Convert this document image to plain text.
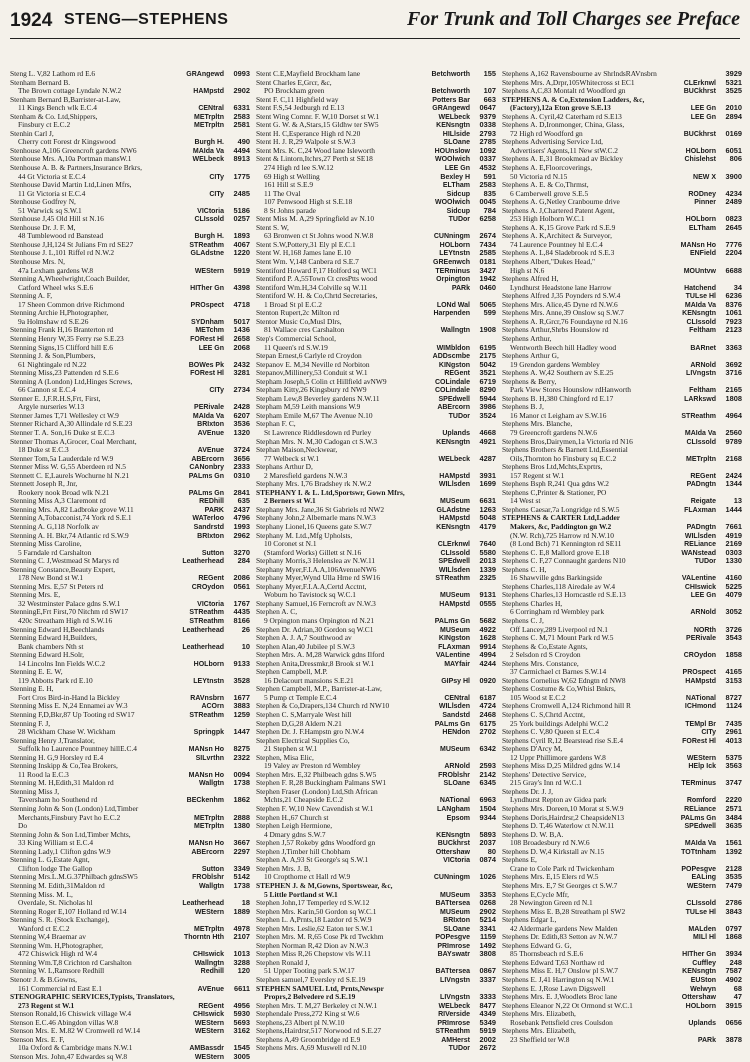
1924 STENG—STEPHENS	For Trunk and Toll Charges see Preface
Steng L. V,82 Lathom rd E.6	GRAngewd	0993
Stenham Bernard B.
The Brown cottage Lyndale N.W.2	HAMpstd	2902
Stenham Bernard B,Barrister-at-Law,
11 Kings Bench wlk E.C.4	CENtral	6331
Stenham & Co. Ltd,Shippers,	METrpltn	2583
Finsbury ct E.C.2	METrpltn	2581
Stenhin Carl J,
Cherry cott Forest dr Kingswood	Burgh H.	490
Stenhouse A,106 Greencroft gardens NW6	MAIda Va	4494
Stenhouse Mrs. A,10a Portman mansW.1	WELbeck	8913
Stenhouse A. B. & Partners,Insurance Brkrs,
44 Gt Victoria st E.C.4	CITy	1775
Stenhouse David Martin Ltd,Linen Mfrs,
11 Gt Victoria st E.C.4	CITy	2485
Stenhouse Godfrey N,
51 Warwick sq S.W.1	VICtoria	5186
Stenhouse J,45 Old Hill st N.16	CLIssold	0257
Stenhouse Dr. J. F. M,
48 Tumblewood rd Banstead	Burgh H.	1893
Stenhouse J,H,124 St Julians Fm rd SE27	STReathm	4067
Stenhouse J. L,101 Riffel rd N.W.2	GLAdstne	1220
Stenhouse Mrs. N,
47a Lexham gardens W.8	WEStern	5919
Stenning A,Wheelwright,Coach Builder,
Catford Wheel wks S.E.6	HITher Gn	4398
Stenning A. F,
17 Sheen Common drive Richmond	PROspect	4718
Stenning Archie H,Photographer,
9a Holmshaw rd S.E.26	SYDnham	5017
Stenning Frank H,16 Branterton rd	METchm	1436
Stenning Henry W,35 Ferry rse S.E.23	FORest Hl	2658
Stenning Signs,15 Clifford hill E.6	LEE Gn	2068
Stenning J. & Son,Plumbers,
61 Nightingale rd N.22	BOWes Pk	2432
Stenning Miss,23 Pattenden rd S.E.6	FORest Hl	3281
Stenning A (London) Ltd,Hinges Screws,
66 Cannon st E.C.4	CITy	2734
Stenner E. J,F.R.H.S,Frt, First,
Argyle nurseries W.13	PERivale	2428
Stenner James T,71 Wellesley ct W.9	MAIda Va	6207
Stenner Richard A,30 Allindale rd S.E.23	BRIxton	3536
Stenner T. A. Son,16 Duke st E.C.3	AVEnue	1320
Stenner Thomas A,Grocer, Coal Merchant,
18 Duke st E.C.3	AVEnue	3724
Stenner Tom,5a Lauderdale rd W.9	ABErcorn	3656
Stenner Miss W. G,55 Aberdeen rd N.5	CANonbry	2333
Stennett C. E,Laurels Wochurne hl N.21	PALms Gn	0310
Stennett Joseph R, Jnr,
Rookery nook Broad wlk N.21	PALms Gn	2841
Stenning Miss A,3 Claremont rd	REDhill	635
Stenning Mrs. A,82 Ladbroke grove W.11	PARK	2437
Stenning A,Tobacconist,74 York rd S.E.1	WATerloo	4796
Stenning A. G,118 Norfolk av	Sandrstd	1993
Stenning A. H. Bkr,74 Atlantic rd S.W.9	BRIxton	2962
Stenning Miss Caroline,
5 Farndale rd Carshalton	Sutton	3270
Stenning C. J,Westmead St Marys rd	Leatherhead	284
Stenning Constance,Beauty Expert,
178 New Bond st W.1	REGent	2086
Stenning Mrs. E,57 St Peters rd	CROydon	0561
Stenning Mrs. E,
32 Westminster Palace gdns S.W.1	VICtoria	1767
StenningE,Frt First,70 Nitchm rd SW17	STReathm	4435
420c Streatham High rd S.W.16	STReathm	8166
Stenning Edward H,Beechlands	Leatherhead	26
Stenning Edward H,Builders,
Bank chambers Nth st	Leatherhead	10
Stenning Edward H.Solr,
14 Lincolns Inn Fields W.C.2	HOLborn	9133
Stenning E. E. W,
119 Abbotts Park rd E.10	LEYtnstn	3528
Stenning E. H,
Fort Cros Bird-in-Hand la Bickley	RAVnsbrn	1677
Stenning Miss E. N,24 Ennamei av W.3	ACOrn	3883
Stenning F,D,Bkr,87 Up Tooting rd SW17	STReathm	1259
Stenning F. J,
28 Wickham Chase W. Wickham	Springpk	1447
Stenning Henry J,Translator,
Suffolk ho Laurence Pountney hillE.C.4	MANsn Ho	8275
Stenning H. G,9 Horsley rd E.4	SILvrthn	2322
Stenning Inskipp & Co,Tea Brokers,
11 Rood la E.C.3	MANsn Ho	0094
Stenning M. H,Edith,31 Maldon rd	Wallgtn	1738
Stenning Miss J,
Taversham ho Southend rd	BECkenhm	1862
Stenning John & Son (London) Ltd,Timber
Merchants,Finsbury Pavt ho E.C.2	METrpltn	2888
Do	METrpltn	1380
Stenning John & Son Ltd,Timber Mchts,
33 King William st E.C.4	MANsn Ho	3667
Stenning Lady,1 Clifton gdns W.9	ABErcorn	2297
Stenning L. G,Estate Agnt,
Clifton lodge The Gallop	Sutton	3349
Stenning Mrs.L.M.G.37Philbach gdnsSW5	FROblshr	5142
Stenning M. Edith,31Maldon rd	Wallgtn	1738
Stenning Miss. M. L,
Overdale, St. Nicholas hl	Leatherhead	18
Stenning Roger E,107 Holland rd W.14	WEStern	1889
Stenning S. R. (Stock Exchange),
Wanford ct E.C.2	METrpltn	4978
Stenning W,4 Braemar av	Thorntn Hth	2107
Stenning Wm. H,Photographer,
472 Chiswick High rd W.4	CHIswick	1013
Stenning Wm.T,8 Crichton rd Carshalton	Wallngtn	3288
Stenning W. L,Ramsore Redhill	Redhill	120
Stenotr J. & B.Gowns,
161 Commercial rd East E.1	AVEnue	6611
STENOGRAPHIC SERVICES,Typists, Translators,
273 Regent st W.1	REGent	4956
Stenson Ronald,16 Chiswick village W.4	CHIswick	5930
Stenson E.C.46 Abingdon villas W.8	WEStern	5693
Stenson Mrs. E. M.82 W Cromwell rd W.14	WEStern	3162
Stenson Mrs. E. F,
10a Oxford & Cambridge mans N.W.1	AMBassdr	1545
Stenson Mrs. John,47 Edwardes sq W.8	WEStern	3005
Stent C.E,Mayfield Brockham lane	Betchworth	155
Stent Charles E,Grcr, &c,
PO Brockham green	Betchworth	107
Stent F. C,11 Highfield way	Potters Bar	663
Stent F.S,54 Jedburgh rd E.13	GRAngewd	0647
Stent Wing Comnr. F. W,10 Dorset st W.1	WELbeck	9379
Stent G. W. & A,Stars,15 Gldhw ter SW5	KENsngtn	0338
Stent H. C,Esperance High rd N.20	HILlside	2793
Stent H. J. R,29 Walpole st S.W.3	SLOane	2785
Stent Mrs. K. C,24 Wood lane Isleworth	HOUnslow	1092
Stent & Lintorn,Itchrs,27 Perth st SE18	WOOlwich	0337
274 High rd lee S.W.12	LEE Gn	4532
69 High st Welling	Bexley H	591
161 Hill st S.E.9	ELTham	2583
11 The Oval	Sidcup	835
107 Penwsood High st S.E.18	WOOlwich	0045
8 St Johns parade	Sidcup	784
Stent Miss M. A,29 Springfield av N.10	TUDor	6258
Stent S. W,
63 Bronwen ct St Johns wood N.W.8	CUNningm	2674
Stent S.W,Pottery,31 Ely pl E.C.1	HOLborn	7434
Stent W. H,168 James lane E.10	LEYtnstn	2585
Stent Wm. V,148 Canbera rd S.E.7	GREenwch	0181
Stentiford Howard F,17 Holford sq WC1	TERminus	3427
Stentiford P. A,55Town Ct cresPtts wood	Orpington	1942
Stentiford Wm.H,34 Colville sq W.11	PARk	0460
Stentiford W. H. & Co,Chrtd Secretaries,
1 Broad St pl E.C.2	LONd Wal	5065
Stenton Rupert,2c Milton rd	Harpenden	599
Stentor Music Co,Musl Dlrs,
81 Wallace cres Carshalton	Wallngtn	1908
Step's Commercial School,
11 Queen's rd S.W.19	WIMbldon	6195
Stepan Ernest,6 Carlyle rd Croydon	ADDscmbe	2175
Stepanov E. M,34 Neville rd Norbiton	KINgston	5042
Stepanov,Millinery,53 Conduit st W.1	REGent	3521
Stepham Joseph,5 Colin ct Hillfield avNW9	COLindale	6719
Stepham Kitty,26 Kingsbury rd NW9	COLindale	8290
Stepham Lew,8 Beverley gardens N.W.11	SPEdwell	5944
Stepham M,59 Leith mansions W.9	ABErcorn	3986
Stepham Emile M,67 The Avenue N.10	TUDor	3524
Stephan F. C,
St Lawrence Riddlesdown rd Purley	Uplands	4668
Stephan Mrs. N. M,30 Cadogan ct S.W.3	KENsngtn	4921
Stephan Maison,Neckwear,
77 Welbeck st W.1	WELbeck	4287
Stephans Arthur D,
2 Maresfield gardens N.W.3	HAMpstd	3931
Stephany Mrs. I,76 Bradshey rk N.W.2	WILlsden	1699
STEPHANY I. & L. Ltd,Sportswr, Gown Mfrs,
2 Berners st W.1	MUSeum	6631
Stephany Mrs. Jane,36 St Gabriels rd NW2	GLAdstne	1263
Stephany John,2 Albemarle mans N.W.3	HAMpstd	5048
Stephany Lionel,16 Queens gate S.W.7	KENsngtn	4179
Stephany M. Ltd.,Mfg Upholsts,
10 Coronet st N.1	CLErknwl	7640
(Stamford Works) Gillett st N.16	CLIssold	5580
Stephany Morris,3 Helenslea av N.W.11	SPEdwell	2013
Stephany Myer,F.I.A.A,106AvenueNW6	WILlsden	1339
Stephany Myer,Wynd Ulla Hrne rd SW16	STReathm	2325
Stephany Myer,F.I.A.A,Certd Acctnt,
Woburn ho Tavistock sq W.C.1	MUSeum	9131
Stephany Samuel,16 Ferncroft av N.W.3	HAMpstd	0555
Stephen A. C,
9 Orpington mans Orpington rd N.21	PALms Gn	5682
Stephen Dr. Adrian,30 Gordon sq W.C1	MUSeum	4922
Stephen A. J. A,7 Southwood av	KINgston	1628
Stephen Alan,40 Jubilee pl S.W.3	FLAxman	9914
Stephen Mrs. A. M,28 Warwick gdns Ilford	VALentine	4994
Stephen Anita,Dressmkr,8 Brook st W.1	MAYfair	4244
Stephen Campbell, M.P.
16 Delacourt mansions S.E.21	GIPsy Hl	0920
Stephen Campbell, M.P., Barrister-at-Law,
5 Pump ct Temple E.C.4	CENtral	6187
Stephen & Co,Drapers,134 Church rd NW10	WILlsden	4724
Stephen C. S,Marryale West hill	Sandstd	2468
Stephen D,G,28 Aldern N.21	PALms Gn	6175
Stephen Dr. J. F.Hampstn gro N.W.4	HENdon	2702
Stephen Electrical Supplies Co,
21 Stephen st W.1	MUSeum	6342
Stephen, Misa Elic,
19 Valey av Preston rd Wembley	ARNold	2593
Stephen Mrs. E,32 Philbeach gdns S.W5	FROblshr	2142
Stephen F. R,28 Buckingham Palmans SW1	SLOane	6345
Stephen Fraser (London) Ltd,Sth African
Mchts,21 Cheapside E.C.2	NATional	6963
Stephen F. W,10 New Cavendish st W.1	LANgham	1504
Stephen H.,67 Church st	Epsom	9344
Stephen Leigh Hermione,
4 Dmary gdns S.W.7	KENsngtn	5893
Stephen J,57 Rokeby gdns Woodford gn	BUCkhrst	2037
Stephen J,Timber hill Chobham	Ottershaw	80
Stephen A. A,93 St George's sq S.W.1	VICtoria	0874
Stephen Mrs. J. B,
10 Cropthorne ct Hall rd W.9	CUNningm	1026
STEPHEN J. & M,Gowns, Sportswear, &c,
5 Little Portland st W.1	MUSeum	3353
Stephen John,17 Temperley rd S.W.12	BATtersea	0268
Stephen Mrs. Karin,50 Gordon sq W.C.1	MUSeum	2902
Stephen L. A,Prnts,18 Lazdor rd S.W.9	BRIxton	5214
Stephen Mrs. Leslie,62 Eaton ter S.W.1	SLOane	3341
Stephen Mrs. M. R,65 Cose Pk rd Twckhm	POPesgve	1159
Stephen Norman R,42 Dion av N.W.3	PRImrose	1492
Stephen Miss R,26 Chepstow vls W.11	BAYswatr	3808
Stephen Ronald J,
51 Upper Tooting park S.W.17	BATtersea	0867
Stephen samuel,7 Eversley rd S.E.19	LIVngstn	3337
STEPHEN SAMUEL Ltd, Prnts,Newspr
Proprs,2 Belvedere rd S.E.19	LIVngstn	3333
Stephen Mrs. T. M,27 Berkeley ct N.W.1	WELbeck	8477
Stephendale Press,272 King st W.6	RIVerside	4349
Stephens,23 Albert pl N.W.10	PRImrose	5349
Stephens,Hairdrsr,517 Norwood rd S.E.27	STReathm	5919
Stephens A,49 Groombridge rd E.9	AMHerst	2002
Stephens Mrs. A,69 Muswell rd N.10	TUDor	2672
Stephens A,162 Ravensbourne av ShrlndsRAVnsbrn	3929
Stephens Mrs. A,Drpr,105Whitecross st EC1	CLErknwl	5321
Stephens A,C,83 Montalt rd Woodford gn	BUCkhrst	3525
STEPHENS A. & Co,Extension Ladders, &c,
(Factory),12a Eton grove S.E.13	LEE Gn	2010
Stephens A. Cyril,42 Caterham rd S.E13	LEE Gn	2894
Stephens A. D,Ironmonger, China, Glass,
72 High rd Woodford gn	BUCkhrst	0169
Stephens Advertising Service Ltd,
Advertisers' Agents,11 New stW.C.2	HOLborn	6051
Stephens A. E,31 Brookmead av Bickley	Chislehst	806
Stephens A. E,Floorcoverings,
50 Victoria rd N.15	NEW X	3900
Stephens A. E. & Co,Thrmst,
6 Camberwell grove S.E.5	RODney	4234
Stephens A. G,Netley Cranbourne drive	Pinner	2489
Stephens A. J,Chartered Patent Agent,
253 High Holborn W.C.1	HOLborn	0823
Stephens A. K,15 Grove Park rd S.E.9	ELTham	2645
Stephens A. K,Architect & Surveyor,
74 Laurence Pountney hl E.C.4	MANsn Ho	7776
Stephens A. L,84 Sladebrook rd S.E.3	ENField	2204
Stephens Albert,"Dukes Head,"
High st N.6	MOUntvw	6688
Stephens Alfred H,
Lyndhurst Headstone lane Harrow	Hatchend	34
Stephens Alfred J,35 Poynders rd S.W.4	TULse Hl	6236
Stephens Mrs. Alice,45 Dyne rd N.W.6	MAIda Va	8376
Stephens Mrs. Anne,39 Onslow sq S.W.7	KENsngtn	1061
Stephens A. R,Grcr,76 Foundayne rd N.16	CLIssold	7923
Stephens Arthur,Shrbs Hounslow rd	Feltham	2123
Stephens Arthur,
Wentworth Beech hill Hadley wood	BARnet	3363
Stephens Arthur G,
19 Grendon gardens Wembley	ARNold	3692
Stephens A. W,42 Southern av S.E.25	LIVngstn	3716
Stephens & Berry,
Park View Stores Hounslow rdHanworth	Feltham	2165
Stephens B. H,380 Chingford rd E.17	LARkswd	1808
Stephens B. J,
16 Manor ct Leigham av S.W.16	STReathm	4964
Stephens Mrs. Blanche,
79 Greencroft gardens N.W.6	MAIda Va	2560
Stephens Bros,Dairymen,1a Victoria rd N16	CLIssold	9789
Stephens Brothers & Barnett Ltd,Essential
Oils,Thornton ho Finsbury sq E.C.2	METrpltn	2168
Stephens Bros Ltd,Mchts,Exprtrs,
157 Regent st W.1	REGent	2424
Stephens Bsph R,241 Qua gdns W.2	PADngtn	1344
Stephens C,Printer & Stationer, PO
14 West st	Reigate	13
Stephens Caesar,7a Longridge rd S.W.5	FLAxman	1444
STEPHENS & CARTER Ltd,Ladder
Makers, &c, Paddington gn W.2	PADngtn	7661
(N.W. Rch),725 Harrow rd N.W.10	WILlsden	4919
(8 Lond Bch) 71 Kennington rd SE11	RELiance	2169
Stephens C. E,8 Mallord grove E.18	WANstead	0303
Stephens C. F,27 Connaught gardens N10	TUDor	1330
Stephens C. H,
16 Shawville gdns Barkingside	VALentine	4160
Stephens Charles,118 Airedale av W.4	CHIswick	5225
Stephens Charles,13 Horncastle rd S.E.13	LEE Gn	4079
Stephens Charles H,
6 Corringham rd Wembley park	ARNold	3052
Stephens C. J,
Off Lancey,289 Liverpool rd N.1	NORth	3726
Stephens C. M,71 Mount Park rd W.5	PERivale	3543
Stephens & Co,Estate Agnts,
2 Selsdon rd S Croydon	CROydon	1858
Stephens Mrs. Constance,
37 Carmichael ct Barnes S.W.14	PROspect	4165
Stephens Cornelius W,62 Edngtn rd NW8	HAMpstd	3153
Stephens Costume & Co,Whisl Bnkrs,
105 Wood st E.C.2	NATional	8727
Stephens Cromwell A,124 Richmond hill R	ICHmond	1124
Stephens C. S,Chrtd Acctnt,
25 York buildings Adelphi W.C.2	TEMpl Br	7435
Stephens C. V,80 Queen st E.C.4	CITy	2961
Stephens Cyril R,12 Bearstead rise S.E.4	FORest Hl	4013
Stephens D'Arcy M,
12 Uppr Phillimore gardens W.8	WEStern	5375
Stephens Miss D,25 Mildred gdns W.14	HElp Ick	3563
Stephens' Detective Service,
215 Gray's Inn rd W.C.1	TERminus	3747
Stephens Dr. J. J,
Lyndhurst Repton av Gidea park	Romford	2220
Stephens Mrs. Doreen,10 Morat st S.W.9	RELiance	2571
Stephens Doris,Hairdrsr,2 CheapsideN13	PALms Gn	3484
Stephens D. T,46 Waterlow ct N.W.11	SPEdwell	3635
Stephens D. W. B,A.
108 Broadesbury rd N.W.6	MAIda Va	1561
Stephens D. W,4 Kirkstall av N.15	TOTtnham	1392
Stephens E,
Crane to Cole Park rd Twickenham	POPesgve	2128
Stephens Mrs. E,15 Elers rd W.5	EALing	3535
Stephens Mrs. E,7 St Georges ct S.W.7	WEStern	7479
Stephens E,Cycle Mfr,
28 Newington Green rd N.1	CLIssold	2786
Stephens Miss E. B,28 Streatham pl SW2	TULse Hl	3843
Stephens Edgar L,
42 Aldermarle gardens New Malden	MALden	0797
Stephens Dr. Edith,83 Setton av N.W.7	MILl Hl	1868
Stephens Edward G. G,
85 Thornsbeach rd S.E.6	HITher Gn	3934
Stephens Edward T,63 Northaw rd	Cuffley	248
Stephens Miss E. H,7 Onslow pl S.W.7	KENsngtn	7587
Stephens E. J,41 Harrington sq N.W.1	EUSton	4902
Stephens E. J,Rose Lawn Digswell	Welwyn	68
Stephens Mrs. E. J,Woodlets Broc lane	Ottershaw	47
Stephens Eleanor N,22 Ot Ormond st W.C.1	HOLborn	3915
Stephens Mrs. Elizabeth,
Rosebank Pettsfield cres Coulsdon	Uplands	0656
Stephens Mrs. Elizabeth,
23 Sheffield ter W.8	PARk	3878
